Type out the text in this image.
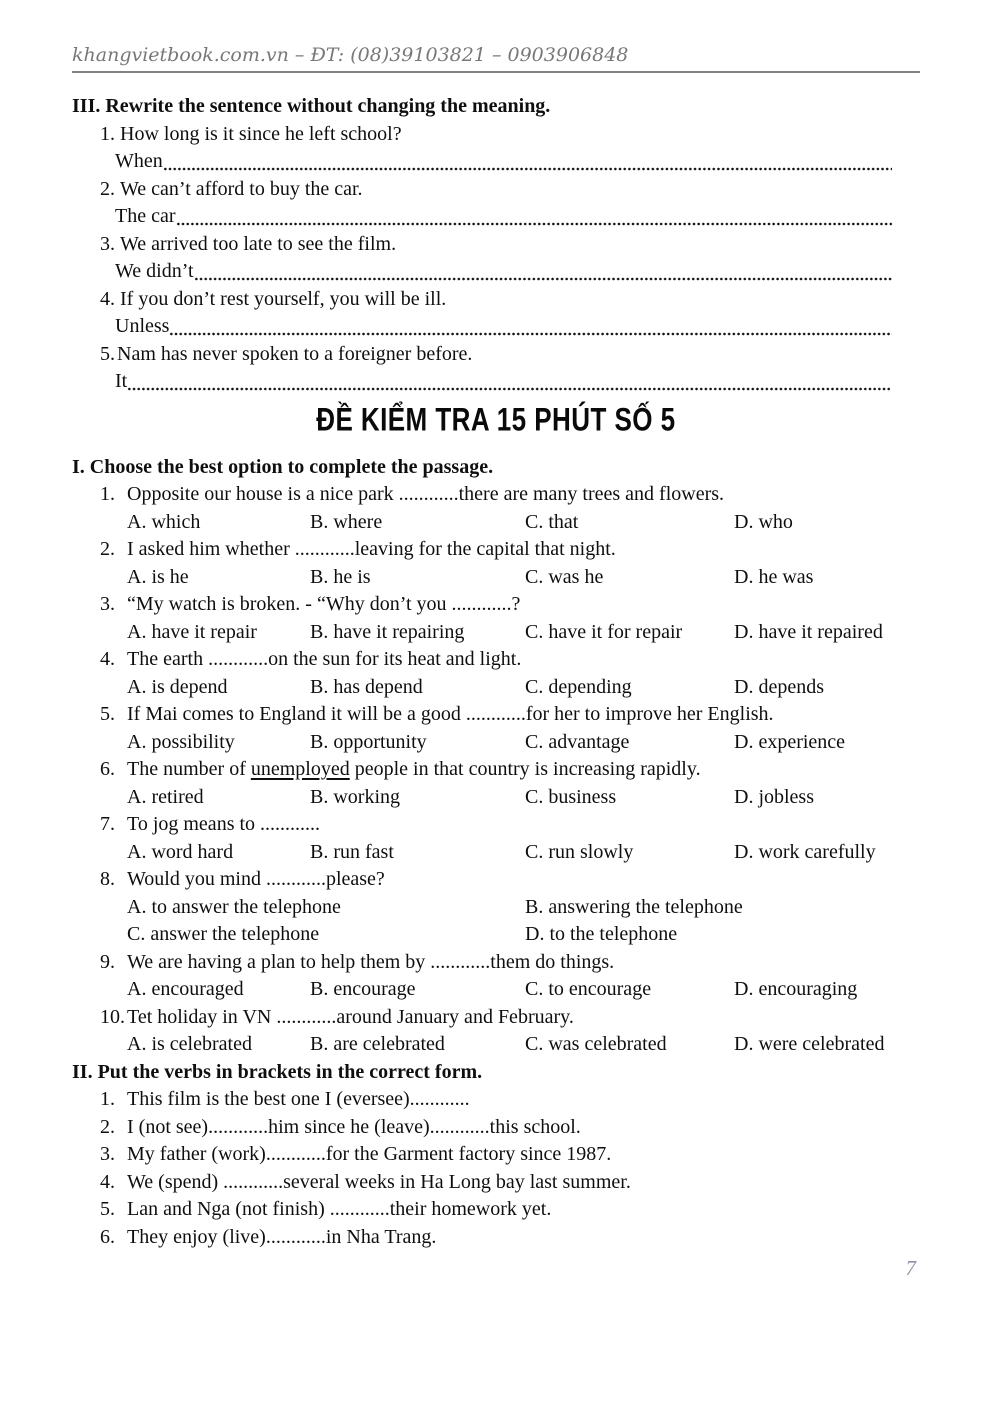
khangvietbook.com.vn – ĐT: (08)39103821 – 0903906848
III. Rewrite the sentence without changing the meaning.
1. How long is it since he left school?
When
2. We can’t afford to buy the car.
The car
3. We arrived too late to see the film.
We didn’t
4. If you don’t rest yourself, you will be ill.
Unless
5. Nam has never spoken to a foreigner before.
It
ĐỀ KIỂM TRA 15 PHÚT SỐ 5
I. Choose the best option to complete the passage.
1. Opposite our house is a nice park ............there are many trees and flowers.
A. which	B. where	C. that	D. who
2. I asked him whether ............leaving for the capital that night.
A. is he	B. he is	C. was he	D. he was
3. “My watch is broken. - “Why don’t you ............?
A. have it repair	B. have it repairing	C. have it for repair	D. have it repaired
4. The earth ............on the sun for its heat and light.
A. is depend	B. has depend	C. depending	D. depends
5. If Mai comes to England it will be a good ............for her to improve her English.
A. possibility	B. opportunity	C. advantage	D. experience
6. The number of unemployed people in that country is increasing rapidly.
A. retired	B. working	C. business	D. jobless
7. To jog means to ............
A. word hard	B. run fast	C. run slowly	D. work carefully
8. Would you mind ............please?
A. to answer the telephone	B. answering the telephone
C. answer the telephone	D. to the telephone
9. We are having a plan to help them by ............them do things.
A. encouraged	B. encourage	C. to encourage	D. encouraging
10. Tet holiday in VN ............around January and February.
A. is celebrated	B. are celebrated	C. was celebrated	D. were celebrated
II. Put the verbs in brackets in the correct form.
1. This film is the best one I (eversee)............
2. I (not see)............him since he (leave)............this school.
3. My father (work)............for the Garment factory since 1987.
4. We (spend) ............several weeks in Ha Long bay last summer.
5. Lan and Nga (not finish) ............their homework yet.
6. They enjoy (live)............in Nha Trang.
7
